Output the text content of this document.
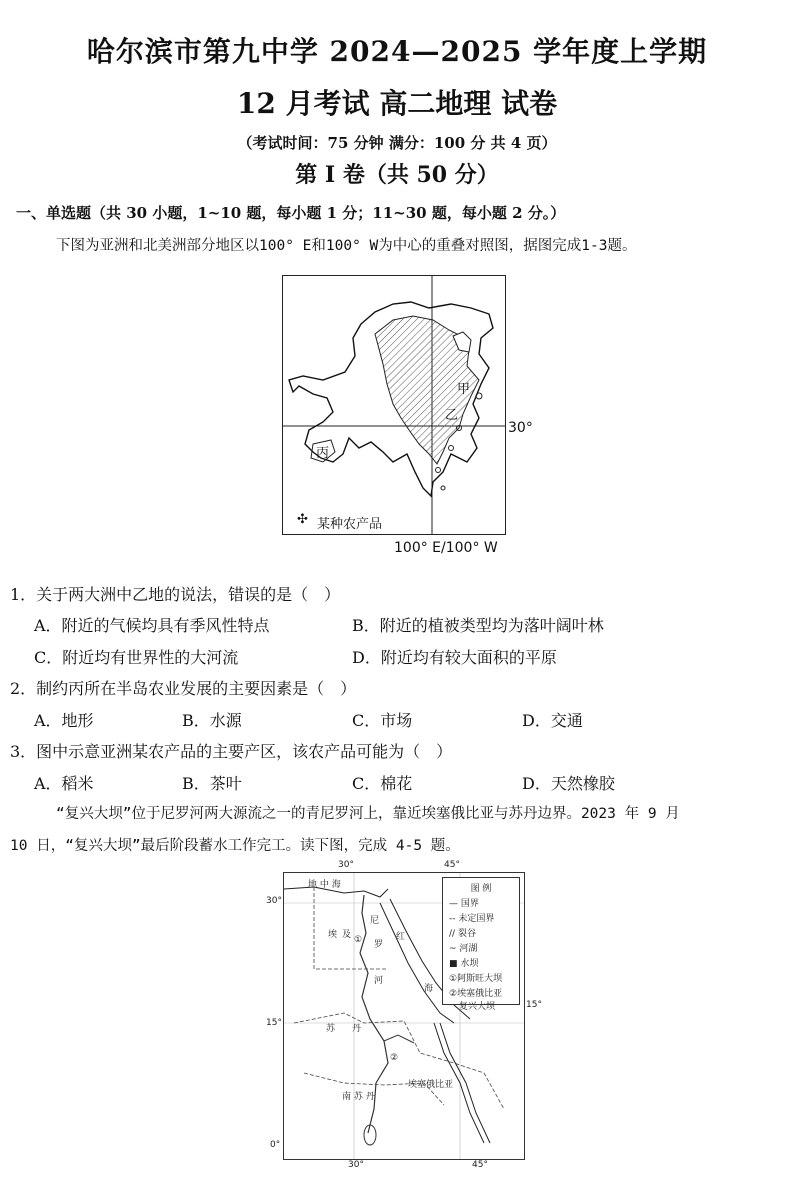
哈尔滨市第九中学 2024—2025 学年度上学期
12 月考试 高二地理 试卷
（考试时间：75 分钟 满分：100 分 共 4 页）
第 I 卷（共 50 分）
一、单选题（共 30 小题，1~10 题，每小题 1 分；11~30 题，每小题 2 分。）
下图为亚洲和北美洲部分地区以100° E和100° W为中心的重叠对照图，据图完成1-3题。
甲
乙
丙
✣ 某种农产品
30°
100° E/100° W
1．关于两大洲中乙地的说法，错误的是（　）
A．附近的气候均具有季风性特点	B．附近的植被类型均为落叶阔叶林
C．附近均有世界性的大河流	D．附近均有较大面积的平原
2．制约丙所在半岛农业发展的主要因素是（　）
A．地形	B．水源	C．市场	D．交通
3．图中示意亚洲某农产品的主要产区，该农产品可能为（　）
A．稻米	B．茶叶	C．棉花	D．天然橡胶
“复兴大坝”位于尼罗河两大源流之一的青尼罗河上，靠近埃塞俄比亚与苏丹边界。2023 年 9 月
10 日，“复兴大坝”最后阶段蓄水工作完工。读下图，完成 4-5 题。
30°	45°
30°
15°
15°
0°
30°	45°
地 中 海
埃 及
尼
罗
河
红
海
苏 丹
南 苏 丹
埃塞俄比亚
①
②
图 例
— 国界
-- 未定国界
// 裂谷
~ 河湖
■ 水坝
①阿斯旺大坝
②埃塞俄比亚
复兴大坝
